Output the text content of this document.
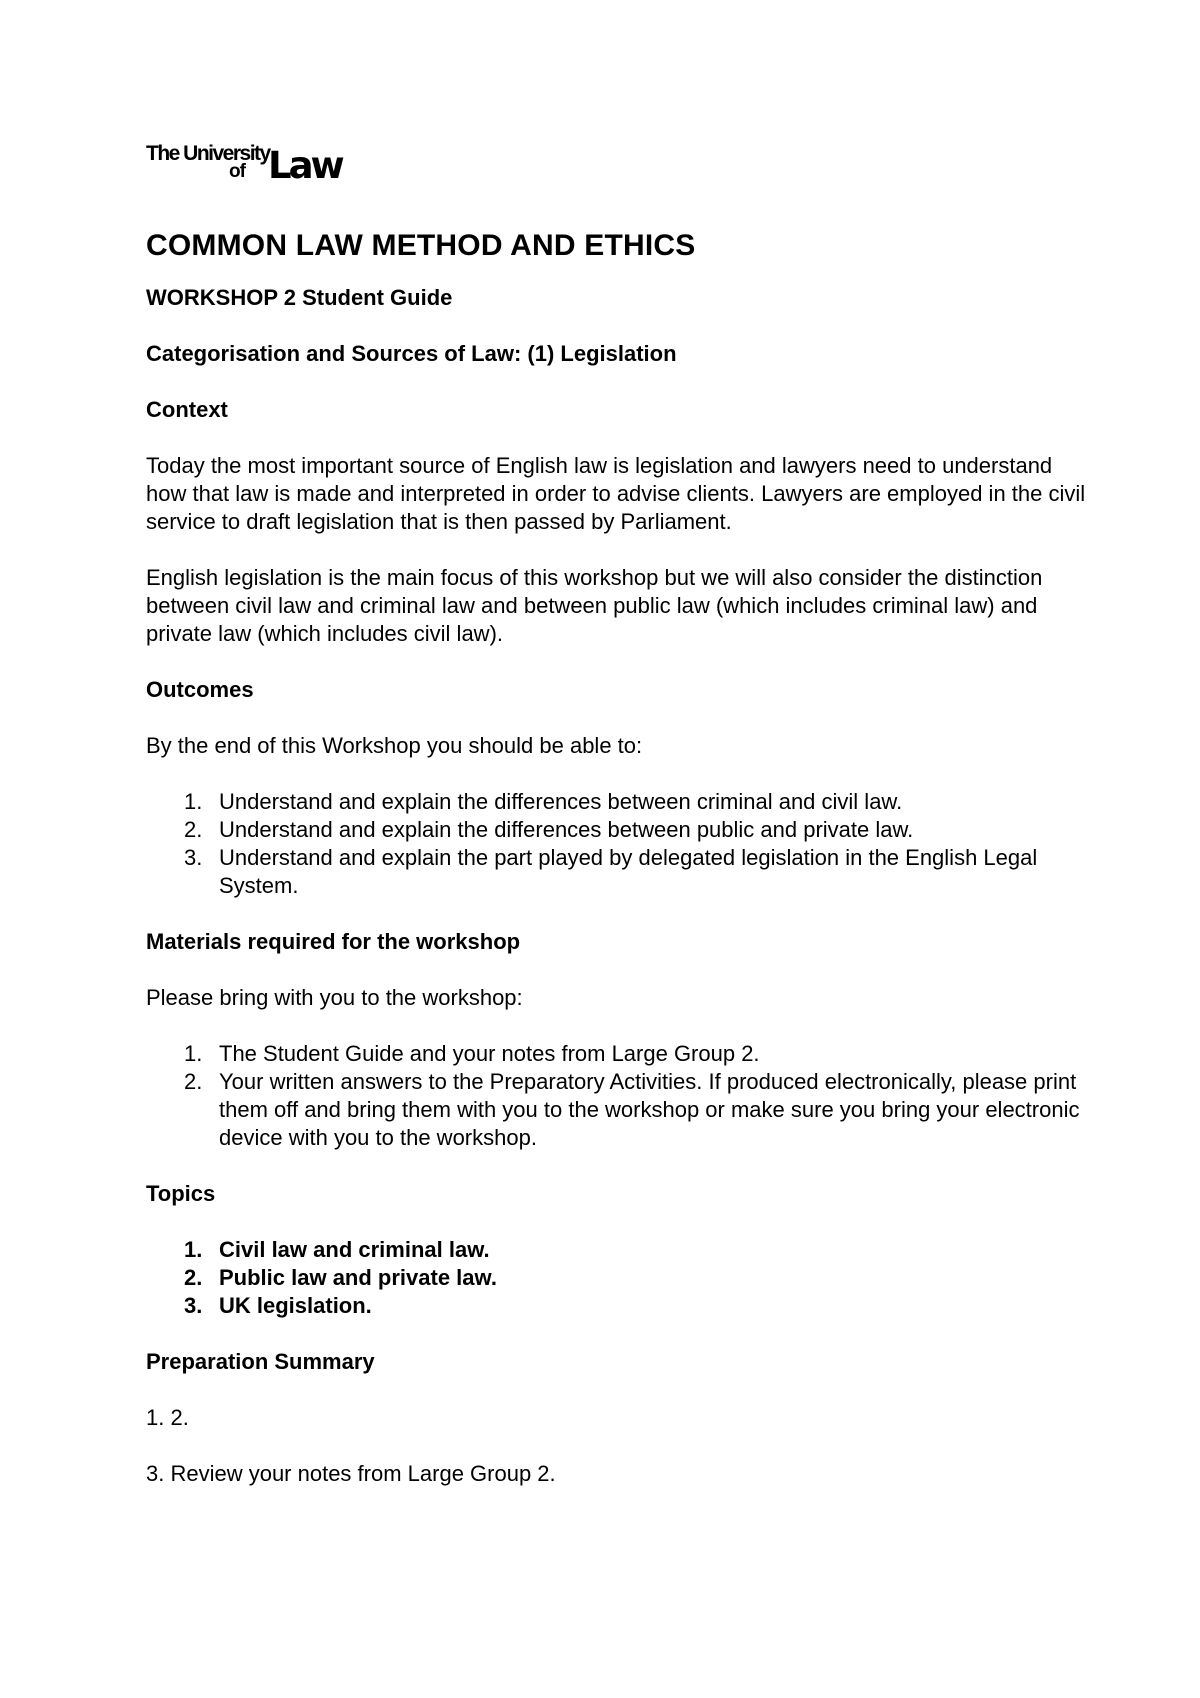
The University
of Law
COMMON LAW METHOD AND ETHICS
WORKSHOP 2 Student Guide
Categorisation and Sources of Law: (1) Legislation
Context

Today the most important source of English law is legislation and lawyers need to understand how that law is made and interpreted in order to advise clients. Lawyers are employed in the civil service to draft legislation that is then passed by Parliament.

English legislation is the main focus of this workshop but we will also consider the distinction between civil law and criminal law and between public law (which includes criminal law) and private law (which includes civil law).

Outcomes

By the end of this Workshop you should be able to:

1. Understand and explain the differences between criminal and civil law.
2. Understand and explain the differences between public and private law.
3. Understand and explain the part played by delegated legislation in the English Legal System.
Materials required for the workshop

Please bring with you to the workshop:

1. The Student Guide and your notes from Large Group 2.
2. Your written answers to the Preparatory Activities. If produced electronically, please print them off and bring them with you to the workshop or make sure you bring your electronic device with you to the workshop.
Topics
1. Civil law and criminal law.
2. Public law and private law.
3. UK legislation.
Preparation Summary
1. 2.
3. Review your notes from Large Group 2.
